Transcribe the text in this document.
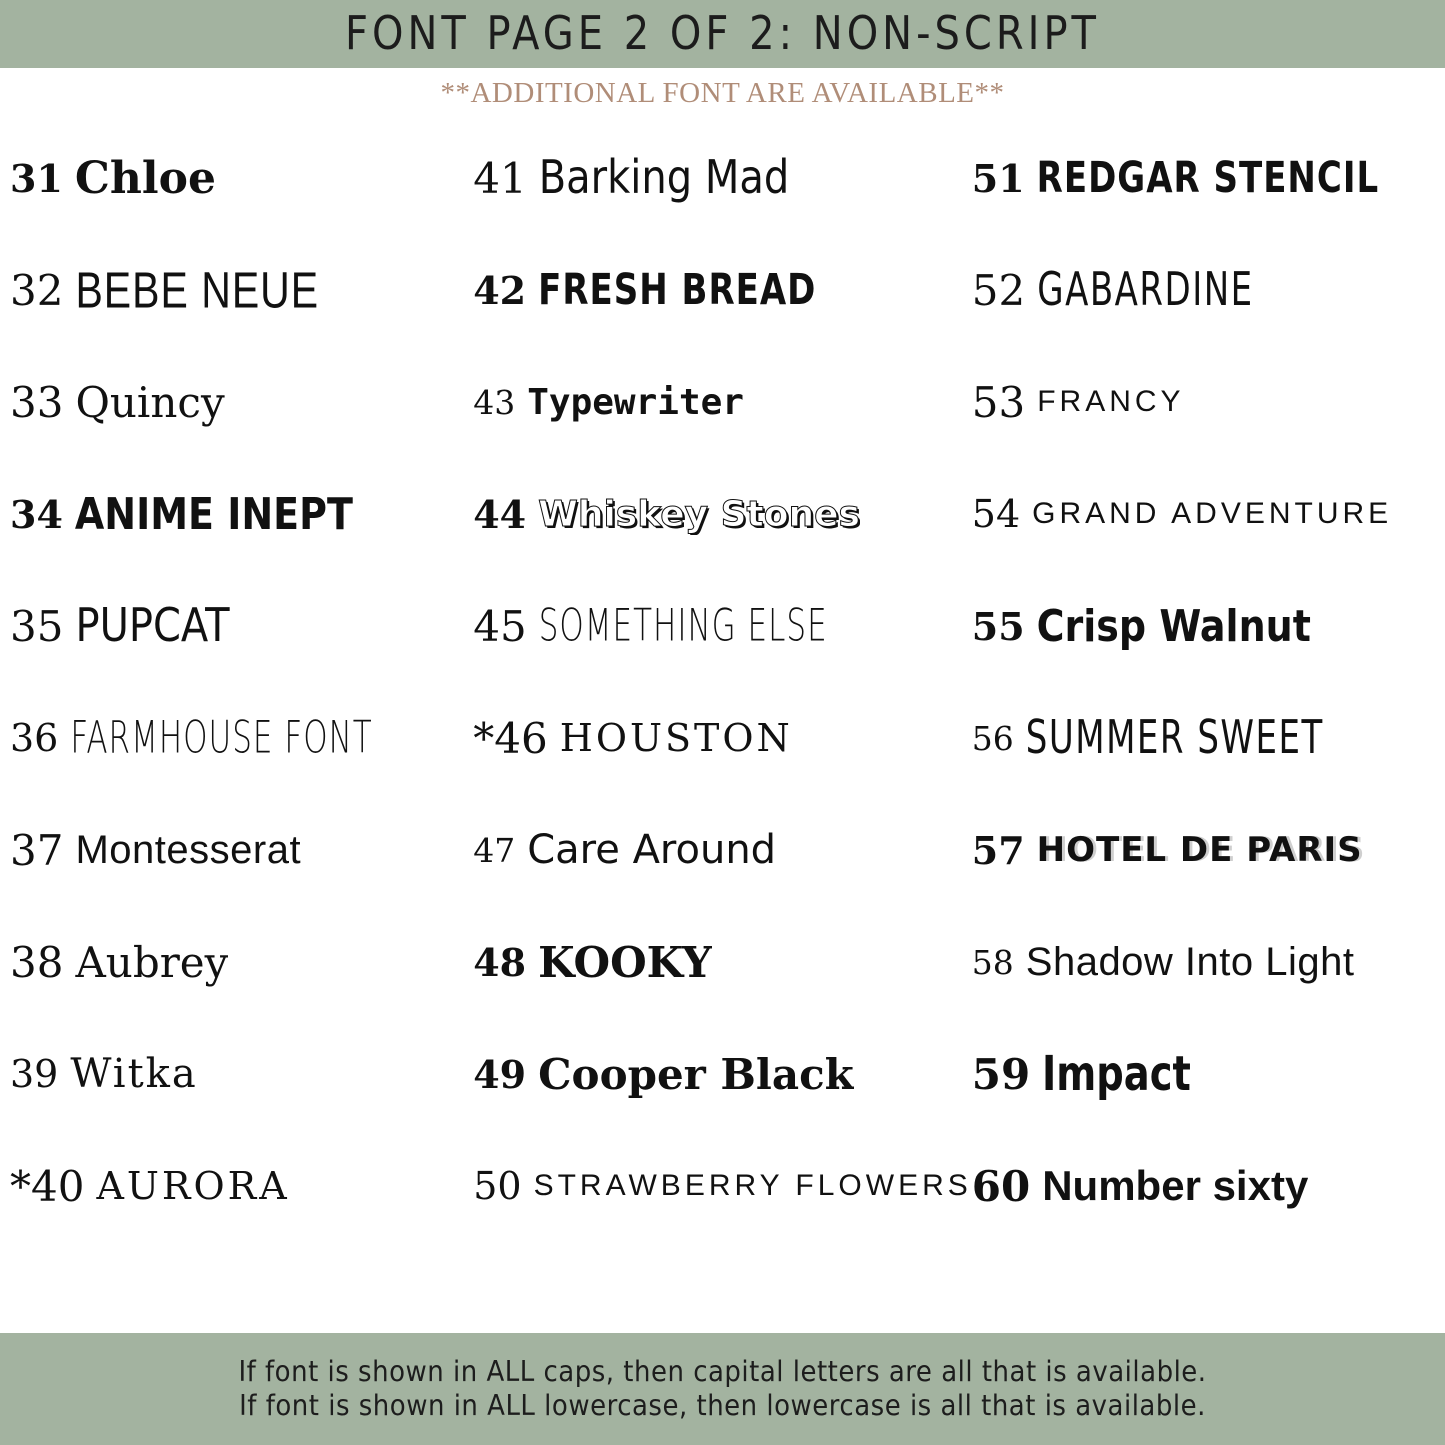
FONT PAGE 2 OF 2: NON-SCRIPT
**ADDITIONAL FONT ARE AVAILABLE**
31 Chloe
32 BEBE NEUE
33 Quincy
34 ANIME INEPT
35 PUPCAT
36 FARMHOUSE FONT
37 Montesserat
38 Aubrey
39 Witka
*40 AURORA
41 Barking Mad
42 FRESH BREAD
43 Typewriter
44 Whiskey Stones
45 SOMETHING ELSE
*46 HOUSTON
47 Care Around
48 KOOKY
49 Cooper Black
50 STRAWBERRY FLOWERS
51 REDGAR STENCIL
52 GABARDINE
53 FRANCY
54 GRAND ADVENTURE
55 Crisp Walnut
56 SUMMER SWEET
57 HOTEL DE PARIS
58 Shadow Into Light
59 Impact
60 Number sixty
If font is shown in ALL caps, then capital letters are all that is available.
If font is shown in ALL lowercase, then lowercase is all that is available.
